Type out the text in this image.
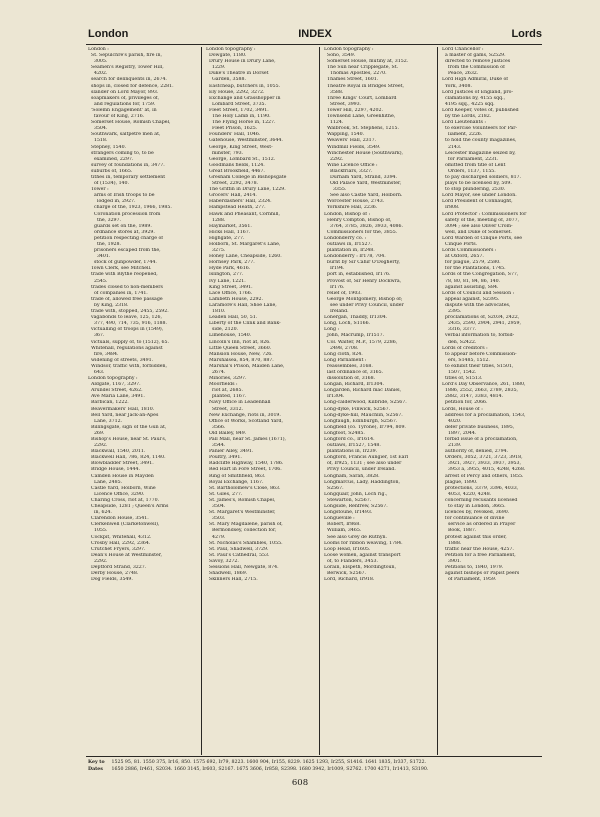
London	INDEX	Lords
London :
St. Sepulchre's parish, fire in,
3005.
Seamen's Registry, Tower Hill,
4202.
search for delinquents in, 2674.
shops in, closed for defence, 2281.
slander on Lord Mayor, 893.
soapmakers of, privileges of,
and regulations for, 1759.
'Solemn Engagement' at, in
favour of King, 2716.
Somerset House, Romish Chapel,
3504.
Southwark, saltpetre men at,
1518.
Stepney, 1540.
strangers coming to, to be
examined, 2297.
survey of foundations in, 3477.
suburbs of, 1665.
tithes in, temporary settlement
of (1534), 140.
Tower :
arms of Irish troops to be
lodged in, 2927.
charge of the, 1923, 1966, 1985.
Coronation procession from
the, 3297.
guards set on the, 1989.
ordnance stores at, 3929.
petition respecting charge of
the, 1928.
prisoners escaped from the,
3401.
stock of gunpowder, 1744.
Town Clerk, see Mitchell.
trade with Blythe reopened,
2545.
trades closed to non-members
of companies in, 1741.
trade of, allowed free passage
by King, 2318.
trade with, stopped, 2455, 2592.
vagabonds to leave, 125, 126,
377, 490, 714, 735, 916, 1188.
victualling of troops in (1549),
367.
victuals, supply of, to (1512), 65.
Whitehall, regulations against
fire, 3484.
widening of streets, 3491.
Windsor, traffic with, forbidden,
643.
London topography :
Aldgate, 1167, 3297.
Arundel Street, 4262.
Ave Maria Lane, 3491.
Barbican, 1222.
Beavermakers' Hall, 1810.
Bell Yard, near Jack-an-Apes
Lane, 3712.
Billingsgate, sign of the Gun at,
269.
Bishop's House, near St. Paul's,
2292.
Blackwall, 1540, 2011.
Blackwell Hall, 786, 824, 1140.
Blowbladder Street, 3491.
Bridge House, 1444.
Camden House in Mayden
Lane, 2485.
Castle Yard, Holborn, Wine
Licence Office, 3290.
Charing Cross, riot at, 1770.
Cheapside, 1281 ; Queen's Arms
in, 624.
Clarendon House, 3541.
Clerkenwell (Clarketonwell),
1055.
Cockpit, Whitehall, 4312.
Crosby Hall, 2292, 2364.
Crutchet Fryers, 3297.
Dean's House at Westminster,
2292.
Deptford Strand, 3227.
Derby House, 2748.
Dog Fields, 3549.
London topography :
Dowgate, 1180.
Drury House in Drury Lane,
1229.
Duke's Theatre in Dorset
Garden, 3588.
Eastcheap, butchers in, 1055.
Ely House, 2292, 3272.
Exchange and Grasshopper in
Lombard Street, 3735.
Fleet Street, 1702, 3491.
The Holy Lamb in, 1190.
The Flying Horse in, 1227.
Fleet Prison, 1625.
Founders' Hall, 1046.
Gatehouse, Westminster, 3644.
George, King Street, West-
minster, 793.
George, Lombard St., 1512.
Goodmans fields, 1124.
Great Brookfield, 4467.
Gresham College in Bishopsgate
Street, 2292, 3478.
The Griffin in Drury Lane, 1229.
Grocers' Hall, 2414.
Haberdashers' Hall, 2324.
Hampstead Heath, 277.
Hawk and Pheasant, Cornhill,
1288.
Haymarket, 3561.
Hicks Hall, 1167.
Highgate, 277.
Holborn, St. Margaret's Lane,
3275.
Honey Lane, Cheapside, 1260.
Hornsey Park, 277.
Hyde Park, 4616.
Islington, 277.
Ivy Lane, 1221.
King Street, 3491.
Lace Office, 1766.
Lambeth House, 2292.
Laramore's Hall, Shoe Lane,
1810.
Leaden Hall, 50, 51.
Liberty of the Clink and Bank-
side, 2120.
Limehouse, 1540.
Lincoln's Inn, riot at, 826.
Little Queen Street, 3660.
Mansion House, New, 726.
Marshalsea, 854, 870, 887.
Marshal's Prison, Maiden Lane,
2674.
Minories, 3297.
Moorfields :
riot at, 2685.
planted, 1167.
Navy Office in Leadenhall
Street, 3312.
New Exchange, riots in, 3019.
Office of Works, Scotland Yard,
3566.
Old Bailey, 849.
Pall Mall, near St. James (1671),
3544.
Panier Alley, 3491.
Poultry, 3491.
Radcliffe Highway, 1540, 1786.
Red Hart in Fore Street, 1706.
Ring of Smithfield, 863.
Royal Exchange, 1167.
St. Bartholomew's Close, 863.
St. Giles, 277.
St. James's, Romish Chapel,
3504.
St. Margaret's Westminster,
3503.
St. Mary Magdalene, parish of,
Bermondsey, collection for,
4279.
St. Nicholas's Shambles, 1055.
St. Paul, Shadwell, 3729.
St. Paul's Cathedral, 553.
Savoy, 3272.
Sessions Hall, Newgate, 874.
Shadwell, 1869.
Skinners Hall, 2715.
London topography :
Soho, 3549.
Somerset House, mutiny at, 3152.
The Sun near Cripplegate, St.
Thomas Apostles, 2270.
Thames Street, 1601.
Theatre Royal in Bridges Street,
3588.
Three Kings' Court, Lombard
Street, 3993.
Tower Hill, 2297, 4202.
Townsend Lane, Greenhithe,
1124.
Walbrook, St. Stephens, 1215.
Wapping, 1540.
Weavers' Hall, 2317.
Windmill Fields, 3549.
Winchester House (Southwark),
2292.
Wine Licence Office :
Blackfriars, 3327.
Durham Yard, Strand, 3394.
Old Palace Yard, Westminster,
3355.
See also Castle Yard, Holborn.
Worcester House, 2743.
Yorkshire Hall, 2236.
London, Bishop of :
Henry Compton, Bishop of,
3764, 3785, 3826, 3933, 4086.
Commissioners for the, 3855.
Londonderry co. :
outlaws in, Ir1527.
plantation in, Ir248.
Londonderry : Ir178, 704.
burnt by Sir Cahir O'Dogherty,
Ir194.
port in, established, Ir176.
Provost of, Sir Henry Dockwra,
Ir176.
relief of, 1903.
George Montgomery, Bishop of;
see under Privy Council, under
Ireland.
Lonergan, Thaddy, Ir1304.
Long, Loch, S1166.
Long :
John, Macrump, Ir1517.
Col. Walter, M.P., 1579, 2286,
2498, 2708.
Long cloth, 824.
Long Parliament :
reassembles, 3168.
last ordinance of, 3165.
dissolution of, 3168.
Longan, Richard, Ir1304.
Longarden, Richard mac Daniel,
Ir1304.
Long-calderwood, Kilbride, S2567.
Long-dyke, Finwick, S2567.
Long-dyke-hill, Mauchlin, S2567.
Longfaugh, Edinburgh, S2567.
Longfield (co. Tyrone), Ir794, 809.
Longfoot, S2485.
Longford co., Ir1614.
outlaws, Ir1527, 1548.
plantations in, Ir239.
Longford, Francis Aungier, 1st Earl
of, Ir925, 1131 ; see also under
Privy Council, under Ireland.
Longham, Sarah, 3828.
Longmarcus, Lady, Haddington,
S2567.
Longquair, John, Loch rig.,
Stewarton, S2567.
Longside, Renfrew, S2567.
Longstoune, Ir1493.
Longueville :
Robert, Ir868.
William, 3465.
See also Grey de Ruthyn.
Looms for ribbon weaving, 1784.
Loop Head, Ir1605.
Loose women, against transport
of, to Flanders, 3453.
Lorain, Elspeth, Mordingtoun,
Berwick, S2567.
Lord, Richard, Ir918.
Lord Chancellor :
a master of gams, S2529.
directed to remove Justices
from the Commission of
Peace, 2632.
Lord High Admiral, Duke of
York, 3408.
Lord Justices of England, pro-
clamations by, 4155 sqq.,
4195 sqq., 4225 sqq.
Lord Keeper, votes of, published
by the Lords, 2182.
Lord Lieutenants :
to exercise Volunteers for Par-
liament, 2226.
to hold the county magazines,
2143.
Leicester magazine seized by,
for Parliament, 2231.
omitted from title of Lent
Orders, 1137, 1155.
to pay discharged soldiers, 817.
plays to be licensed by, 509.
to stop plundering, 2530.
Lord Mayor, see under London.
Lord President of Connaught,
Ir808.
Lord Protector : Commissioners for
safety of the, meeting of, 3077,
3094 ; see also Oliver Crom-
well, and Duke of Somerset.
Lord Warden of Cinque Ports, see
Cinque Ports.
Lords Commissioners :
at Oxford, 2657.
for plague, 2579, 2580.
for the Plantations, 1745.
Lords of the Congregation, S77,
78, 80, 81, 84, 86, 140.
against assisting, S84.
Lords of Council and Session :
appeal against, S2395.
dispute with the advocates,
2395.
proclamations of, S2034, 2422,
2435, 2590, 2904, 2941, 2959,
3316, 3377.
verbal information to, forbid-
den, S2422.
Lords of creditors :
to appear before Commission-
ers, S1485, 1512.
to exhibit their titles, S1501,
1507, 1542.
titles of, S1513.
Lord's Day Observance, 261, 1880,
1886, 2552, 2663, 2789, 2835,
2882, 3147, 3383, 4814.
petition for, 2066.
Lords, House of :
address for a proclamation, 1543,
4020.
defer private business, 1895,
1897, 2044.
forbid issue of a proclamation,
2139.
authority of, denied, 2794.
Orders, 3052, 3721, 3723, 3918,
3921, 3927, 3933, 3937, 3953,
3953 a, 3955, 4015, 4248, 4268.
arrest of Percy and others, 1855.
plague, 1890.
protections, 3379, 3396, 4033,
4053, 4220, 4248.
concerning recusants licensed
to stay in London, 3665.
licences by, revoked, 3690.
for continuance of divine
service as ordered in Prayer
Book, 1887.
protest against this order,
1888.
traffic near the House, 4257.
Petition for a free Parliament,
3901.
Petitions to, 1840, 1979.
against bishops or Papist peers
of Parliament, 1959.
Key to 1525 95, 81. 1550 375, Ir16, 850. 1575 692, Ir79, 8223. 1600 904, Ir155, 8229. 1625 1293, Ir255, S1416. 1641 1835, Ir337, S1722.
Dates 1650 2886, Ir461, S2034. 1660 3145, Ir603, S2167. 1675 3606, Ir858, S2398. 1680 3942, Ir1009, S2762. 1700 4271, Ir1413, S3190.
608
